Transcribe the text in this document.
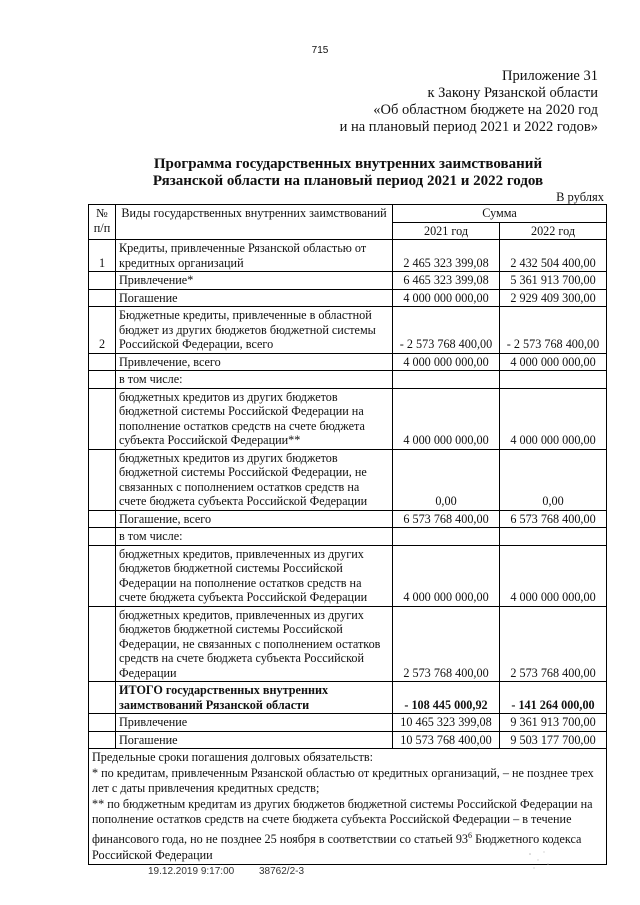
715
Приложение 31
к Закону Рязанской области
«Об областном бюджете на 2020 год
и на плановый период 2021 и 2022 годов»
Программа государственных внутренних заимствований
Рязанской области на плановый период 2021 и 2022 годов
В рублях
№
п/п	Виды государственных внутренних заимствований	Сумма	
		2021 год	2022 год
1	Кредиты, привлеченные Рязанской областью от кредитных организаций	2 465 323 399,08	2 432 504 400,00
	Привлечение*	6 465 323 399,08	5 361 913 700,00
	Погашение	4 000 000 000,00	2 929 409 300,00
2	Бюджетные кредиты, привлеченные в областной бюджет из других бюджетов бюджетной системы Российской Федерации, всего	- 2 573 768 400,00	- 2 573 768 400,00
	Привлечение, всего	4 000 000 000,00	4 000 000 000,00
	в том числе:		
	бюджетных кредитов из других бюджетов бюджетной системы Российской Федерации на пополнение остатков средств на счете бюджета субъекта Российской Федерации**	4 000 000 000,00	4 000 000 000,00
	бюджетных кредитов из других бюджетов бюджетной системы Российской Федерации, не связанных с пополнением остатков средств на счете бюджета субъекта Российской Федерации	0,00	0,00
	Погашение, всего	6 573 768 400,00	6 573 768 400,00
	в том числе:		
	бюджетных кредитов, привлеченных из других бюджетов бюджетной системы Российской Федерации на пополнение остатков средств на счете бюджета субъекта Российской Федерации	4 000 000 000,00	4 000 000 000,00
	бюджетных кредитов, привлеченных из других бюджетов бюджетной системы Российской Федерации, не связанных с пополнением остатков средств на счете бюджета субъекта Российской Федерации	2 573 768 400,00	2 573 768 400,00
	ИТОГО государственных внутренних заимствований Рязанской области	- 108 445 000,92	- 141 264 000,00
	Привлечение	10 465 323 399,08	9 361 913 700,00
	Погашение	10 573 768 400,00	9 503 177 700,00

Предельные сроки погашения долговых обязательств:
* по кредитам, привлеченным Рязанской областью от кредитных организаций, – не позднее трех лет с даты привлечения кредитных средств;
** по бюджетным кредитам из других бюджетов бюджетной системы Российской Федерации на пополнение остатков средств на счете бюджета субъекта Российской Федерации – в течение финансового года, но не позднее 25 ноября в соответствии со статьей $93^6$ Бюджетного кодекса Российской Федерации			
19.12.2019 9:17:00 38762/2-3
